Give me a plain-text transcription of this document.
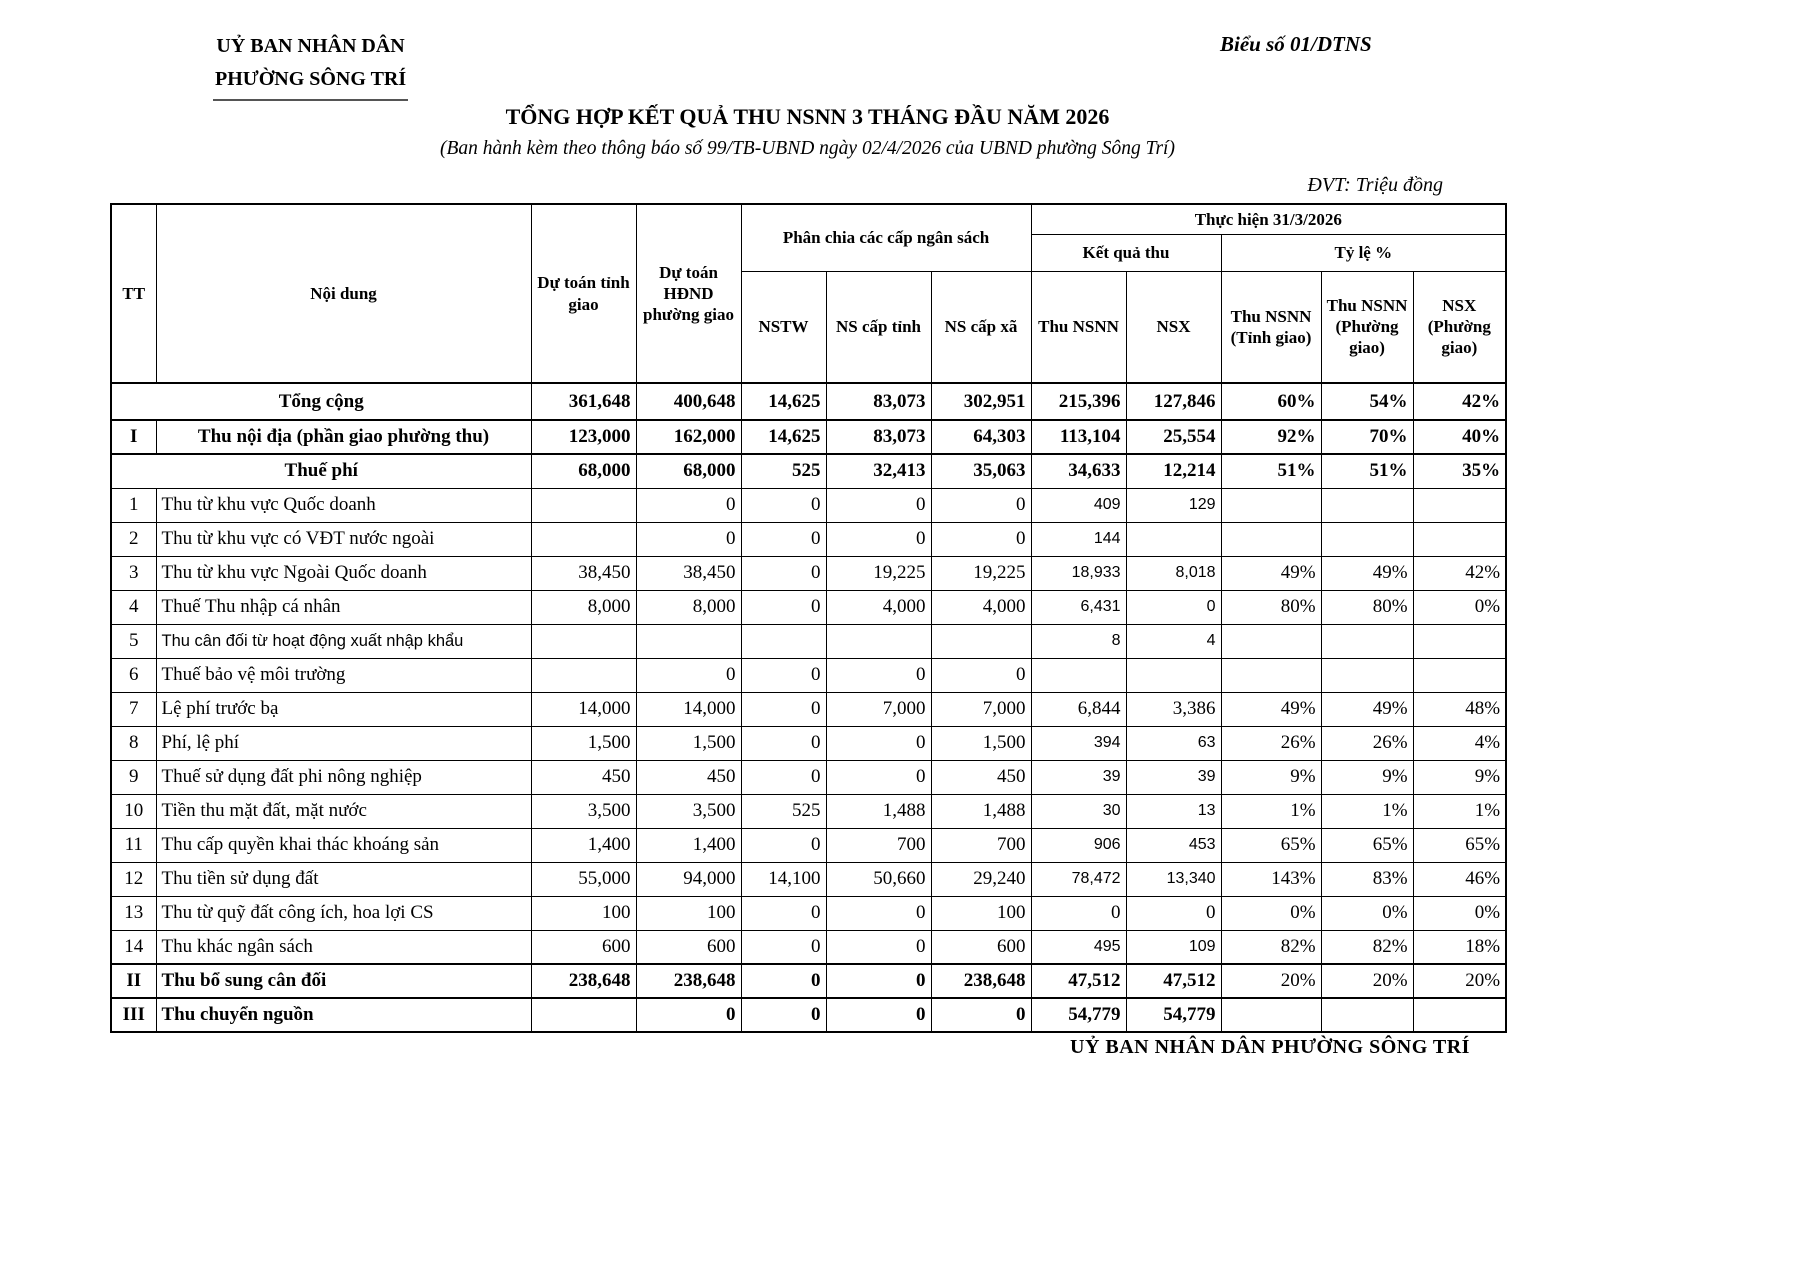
UỶ BAN NHÂN DÂN
PHƯỜNG SÔNG TRÍ
Biểu số 01/DTNS
TỔNG HỢP KẾT QUẢ THU NSNN 3 THÁNG ĐẦU NĂM 2026
(Ban hành kèm theo thông báo số 99/TB-UBND ngày 02/4/2026 của UBND phường Sông Trí)
ĐVT: Triệu đồng
TT	Nội dung	Dự toán tỉnh giao	Dự toán HĐND phường giao	Phân chia các cấp ngân sách			Thực hiện 31/3/2026				
							Kết quả thu		Tỷ lệ %		
				NSTW	NS cấp tỉnh	NS cấp xã	Thu NSNN	NSX	Thu NSNN (Tỉnh giao)	Thu NSNN (Phường giao)	NSX (Phường giao)
Tổng cộng		361,648	400,648	14,625	83,073	302,951	215,396	127,846	60%	54%	42%
I	Thu nội địa (phần giao phường thu)	123,000	162,000	14,625	83,073	64,303	113,104	25,554	92%	70%	40%
Thuế phí		68,000	68,000	525	32,413	35,063	34,633	12,214	51%	51%	35%
1	Thu từ khu vực Quốc doanh		0	0	0	0	409	129			
2	Thu từ khu vực có VĐT nước ngoài		0	0	0	0	144				
3	Thu từ khu vực Ngoài Quốc doanh	38,450	38,450	0	19,225	19,225	18,933	8,018	49%	49%	42%
4	Thuế Thu nhập cá nhân	8,000	8,000	0	4,000	4,000	6,431	0	80%	80%	0%
5	Thu cân đối từ hoạt động xuất nhập khẩu						8	4			
6	Thuế bảo vệ môi trường		0	0	0	0					
7	Lệ phí trước bạ	14,000	14,000	0	7,000	7,000	6,844	3,386	49%	49%	48%
8	Phí, lệ phí	1,500	1,500	0	0	1,500	394	63	26%	26%	4%
9	Thuế sử dụng đất phi nông nghiệp	450	450	0	0	450	39	39	9%	9%	9%
10	Tiền thu mặt đất, mặt nước	3,500	3,500	525	1,488	1,488	30	13	1%	1%	1%
11	Thu cấp quyền khai thác khoáng sản	1,400	1,400	0	700	700	906	453	65%	65%	65%
12	Thu tiền sử dụng đất	55,000	94,000	14,100	50,660	29,240	78,472	13,340	143%	83%	46%
13	Thu từ quỹ đất công ích, hoa lợi CS	100	100	0	0	100	0	0	0%	0%	0%
14	Thu khác ngân sách	600	600	0	0	600	495	109	82%	82%	18%
II	Thu bổ sung cân đối	238,648	238,648	0	0	238,648	47,512	47,512	20%	20%	20%
III	Thu chuyển nguồn		0	0	0	0	54,779	54,779			
UỶ BAN NHÂN DÂN PHƯỜNG SÔNG TRÍ
